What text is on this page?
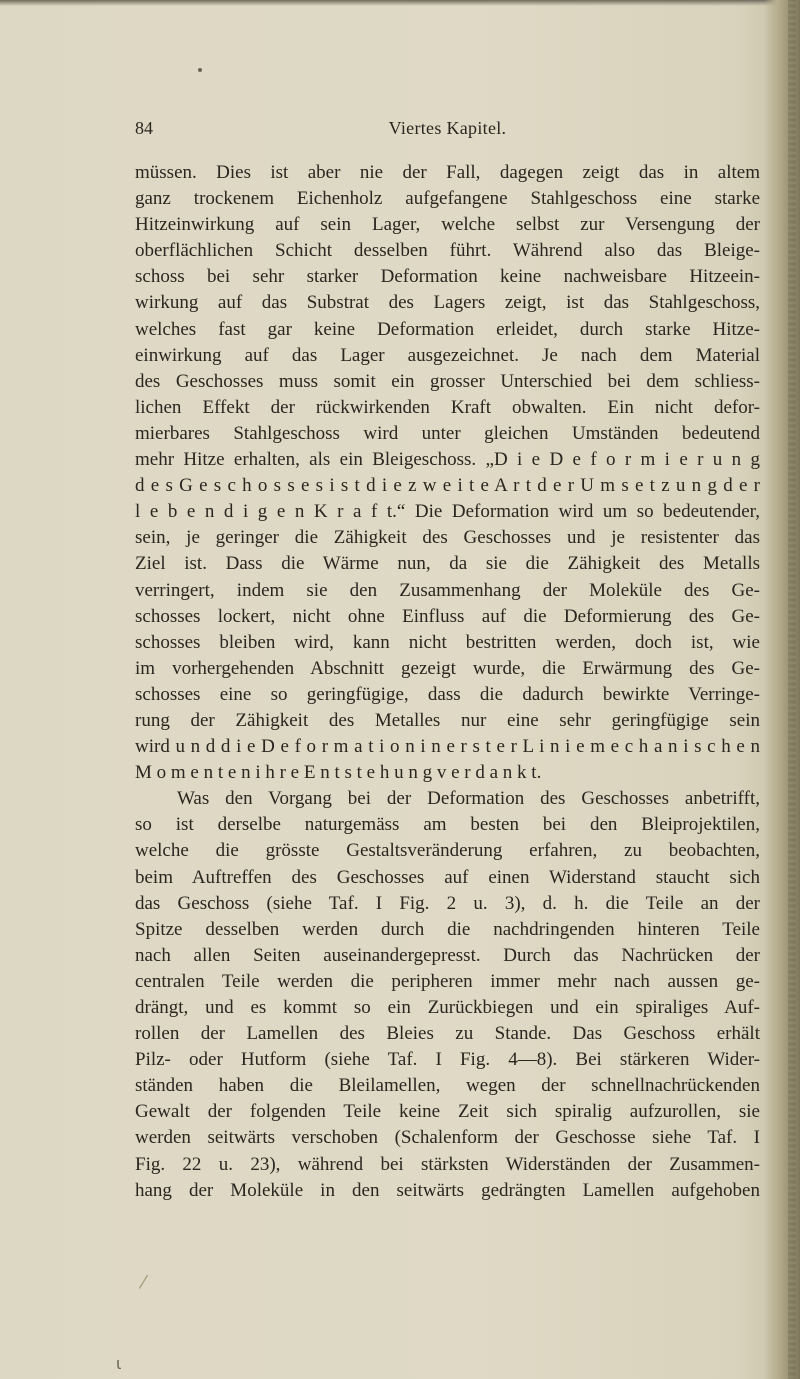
84	Viertes Kapitel.
müssen. Dies ist aber nie der Fall, dagegen zeigt das in altem
ganz trockenem Eichenholz aufgefangene Stahlgeschoss eine starke
Hitzeinwirkung auf sein Lager, welche selbst zur Versengung der
oberflächlichen Schicht desselben führt. Während also das Bleige-
schoss bei sehr starker Deformation keine nachweisbare Hitzeein-
wirkung auf das Substrat des Lagers zeigt, ist das Stahlgeschoss,
welches fast gar keine Deformation erleidet, durch starke Hitze-
einwirkung auf das Lager ausgezeichnet. Je nach dem Material
des Geschosses muss somit ein grosser Unterschied bei dem schliess-
lichen Effekt der rückwirkenden Kraft obwalten. Ein nicht defor-
mierbares Stahlgeschoss wird unter gleichen Umständen bedeutend
mehr Hitze erhalten, als ein Bleigeschoss. „D i e D e f o r m i e r u n g
d e s G e s c h o s s e s i s t d i e z w e i t e A r t d e r U m s e t z u n g d e r
l e b e n d i g e n K r a f t.“ Die Deformation wird um so bedeutender,
sein, je geringer die Zähigkeit des Geschosses und je resistenter das
Ziel ist. Dass die Wärme nun, da sie die Zähigkeit des Metalls
verringert, indem sie den Zusammenhang der Moleküle des Ge-
schosses lockert, nicht ohne Einfluss auf die Deformierung des Ge-
schosses bleiben wird, kann nicht bestritten werden, doch ist, wie
im vorhergehenden Abschnitt gezeigt wurde, die Erwärmung des Ge-
schosses eine so geringfügige, dass die dadurch bewirkte Verringe-
rung der Zähigkeit des Metalles nur eine sehr geringfügige sein
wird u n d d i e D e f o r m a t i o n i n e r s t e r L i n i e m e c h a n i s c h e n
M o m e n t e n i h r e E n t s t e h u n g v e r d a n k t.
Was den Vorgang bei der Deformation des Geschosses anbetrifft,
so ist derselbe naturgemäss am besten bei den Bleiprojektilen,
welche die grösste Gestaltsveränderung erfahren, zu beobachten,
beim Auftreffen des Geschosses auf einen Widerstand staucht sich
das Geschoss (siehe Taf. I Fig. 2 u. 3), d. h. die Teile an der
Spitze desselben werden durch die nachdringenden hinteren Teile
nach allen Seiten auseinandergepresst. Durch das Nachrücken der
centralen Teile werden die peripheren immer mehr nach aussen ge-
drängt, und es kommt so ein Zurückbiegen und ein spiraliges Auf-
rollen der Lamellen des Bleies zu Stande. Das Geschoss erhält
Pilz- oder Hutform (siehe Taf. I Fig. 4—8). Bei stärkeren Wider-
ständen haben die Bleilamellen, wegen der schnellnachrückenden
Gewalt der folgenden Teile keine Zeit sich spiralig aufzurollen, sie
werden seitwärts verschoben (Schalenform der Geschosse siehe Taf. I
Fig. 22 u. 23), während bei stärksten Widerständen der Zusammen-
hang der Moleküle in den seitwärts gedrängten Lamellen aufgehoben
⁄
ι
